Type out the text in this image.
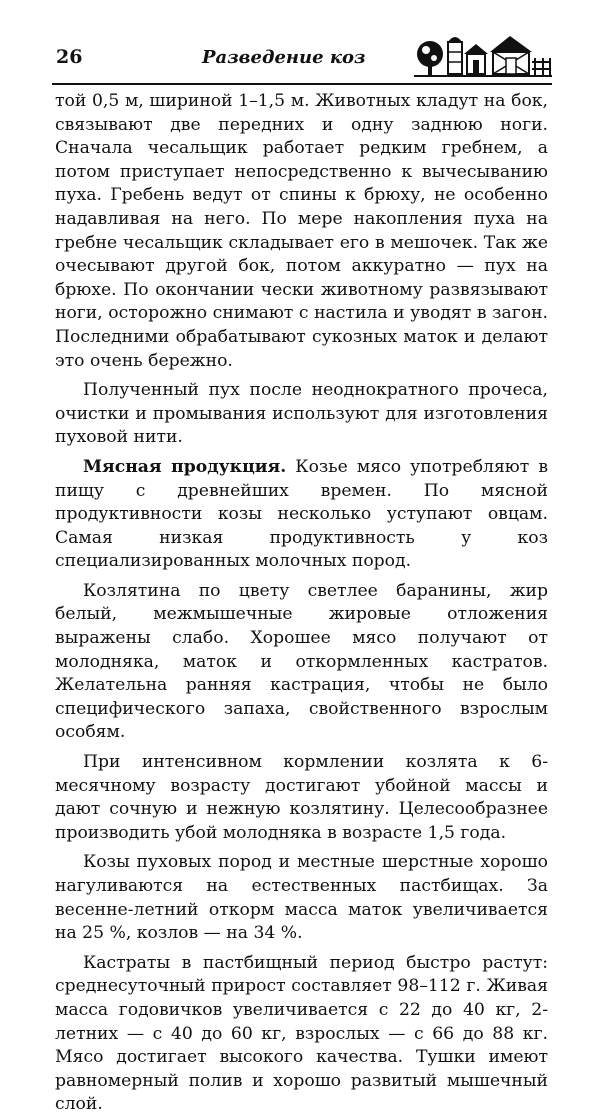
26	Разведение коз

той 0,5 м, шириной 1–1,5 м. Животных кладут на бок, связывают две передних и одну заднюю ноги. Сначала чесальщик работает редким гребнем, а потом приступает непосредственно к вычесыванию пуха. Гребень ведут от спины к брюху, не особенно надавливая на него. По мере накопления пуха на гребне чесальщик складывает его в мешочек. Так же очесывают другой бок, потом аккуратно — пух на брюхе. По окончании чески животному развязывают ноги, осторожно снимают с настила и уводят в загон. Последними обрабатывают сукозных маток и делают это очень бережно.

Полученный пух после неоднократного прочеса, очистки и промывания используют для изготовления пуховой нити.

Мясная продукция. Козье мясо употребляют в пищу с древнейших времен. По мясной продуктивности козы несколько уступают овцам. Самая низкая продуктивность у коз специализированных молочных пород.

Козлятина по цвету светлее баранины, жир белый, межмышечные жировые отложения выражены слабо. Хорошее мясо получают от молодняка, маток и откормленных кастратов. Желательна ранняя кастрация, чтобы не было специфического запаха, свойственного взрослым особям.

При интенсивном кормлении козлята к 6-месячному возрасту достигают убойной массы и дают сочную и нежную козлятину. Целесообразнее производить убой молодняка в возрасте 1,5 года.

Козы пуховых пород и местные шерстные хорошо нагуливаются на естественных пастбищах. За весенне-летний откорм масса маток увеличивается на 25 %, козлов — на 34 %.

Кастраты в пастбищный период быстро растут: среднесуточный прирост составляет 98–112 г. Живая масса годовичков увеличивается с 22 до 40 кг, 2-летних — с 40 до 60 кг, взрослых — с 66 до 88 кг. Мясо достигает высокого качества. Тушки имеют равномерный полив и хорошо развитый мышечный слой.
